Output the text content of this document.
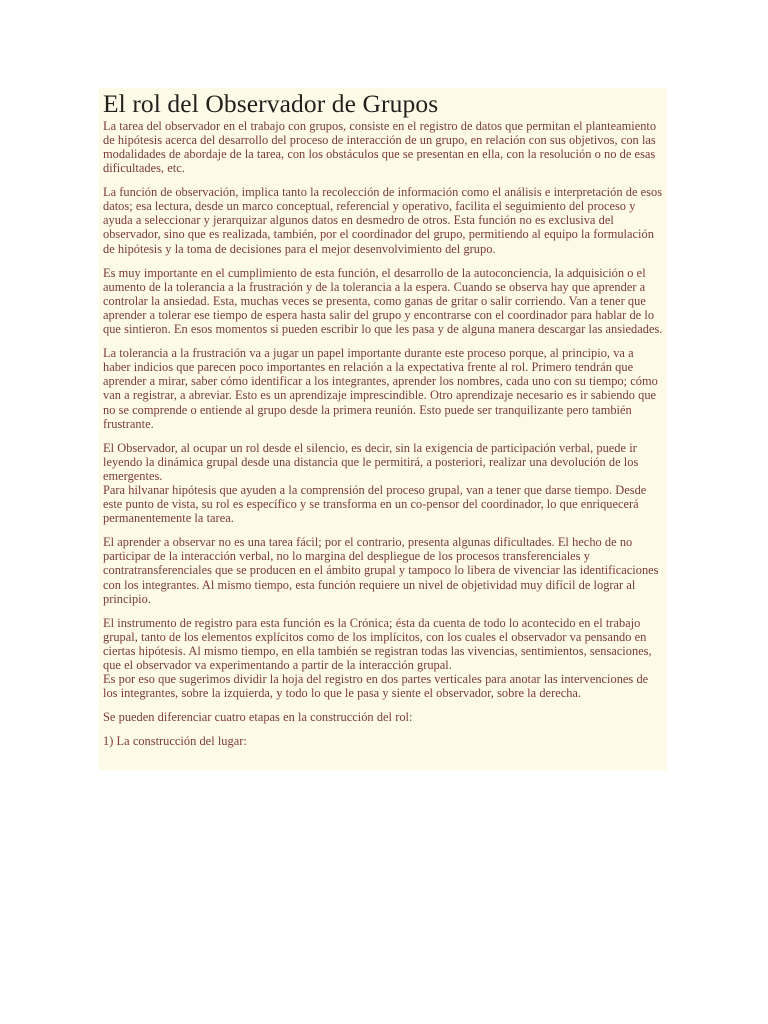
El rol del Observador de Grupos

La tarea del observador en el trabajo con grupos, consiste en el registro de datos que permitan el planteamiento de hipótesis acerca del desarrollo del proceso de interacción de un grupo, en relación con sus objetivos, con las modalidades de abordaje de la tarea, con los obstáculos que se presentan en ella, con la resolución o no de esas dificultades, etc.

La función de observación, implica tanto la recolección de información como el análisis e interpretación de esos datos; esa lectura, desde un marco conceptual, referencial y operativo, facilita el seguimiento del proceso y ayuda a seleccionar y jerarquizar algunos datos en desmedro de otros. Esta función no es exclusiva del observador, sino que es realizada, también, por el coordinador del grupo, permitiendo al equipo la formulación de hipótesis y la toma de decisiones para el mejor desenvolvimiento del grupo.

Es muy importante en el cumplimiento de esta función, el desarrollo de la autoconciencia, la adquisición o el aumento de la tolerancia a la frustración y de la tolerancia a la espera. Cuando se observa hay que aprender a controlar la ansiedad. Esta, muchas veces se presenta, como ganas de gritar o salir corriendo. Van a tener que aprender a tolerar ese tiempo de espera hasta salir del grupo y encontrarse con el coordinador para hablar de lo que sintieron. En esos momentos si pueden escribir lo que les pasa y de alguna manera descargar las ansiedades.

La tolerancia a la frustración va a jugar un papel importante durante este proceso porque, al principio, va a haber indicios que parecen poco importantes en relación a la expectativa frente al rol. Primero tendrán que aprender a mirar, saber cómo identificar a los integrantes, aprender los nombres, cada uno con su tiempo; cómo van a registrar, a abreviar. Esto es un aprendizaje imprescindible. Otro aprendizaje necesario es ir sabiendo que no se comprende o entiende al grupo desde la primera reunión. Esto puede ser tranquilizante pero también frustrante.

El Observador, al ocupar un rol desde el silencio, es decir, sin la exigencia de participación verbal, puede ir leyendo la dinámica grupal desde una distancia que le permitirá, a posteriori, realizar una devolución de los emergentes.

Para hilvanar hipótesis que ayuden a la comprensión del proceso grupal, van a tener que darse tiempo. Desde este punto de vista, su rol es específico y se transforma en un co-pensor del coordinador, lo que enriquecerá permanentemente la tarea.

El aprender a observar no es una tarea fácil; por el contrario, presenta algunas dificultades. El hecho de no participar de la interacción verbal, no lo margina del despliegue de los procesos transferenciales y contratransferenciales que se producen en el ámbito grupal y tampoco lo libera de vivenciar las identificaciones con los integrantes. Al mismo tiempo, esta función requiere un nivel de objetividad muy difícil de lograr al principio.

El instrumento de registro para esta función es la Crónica; ésta da cuenta de todo lo acontecido en el trabajo grupal, tanto de los elementos explícitos como de los implícitos, con los cuales el observador va pensando en ciertas hipótesis. Al mismo tiempo, en ella también se registran todas las vivencias, sentimientos, sensaciones, que el observador va experimentando a partir de la interacción grupal.

Es por eso que sugerimos dividir la hoja del registro en dos partes verticales para anotar las intervenciones de los integrantes, sobre la izquierda, y todo lo que le pasa y siente el observador, sobre la derecha.

Se pueden diferenciar cuatro etapas en la construcción del rol:

1) La construcción del lugar:
